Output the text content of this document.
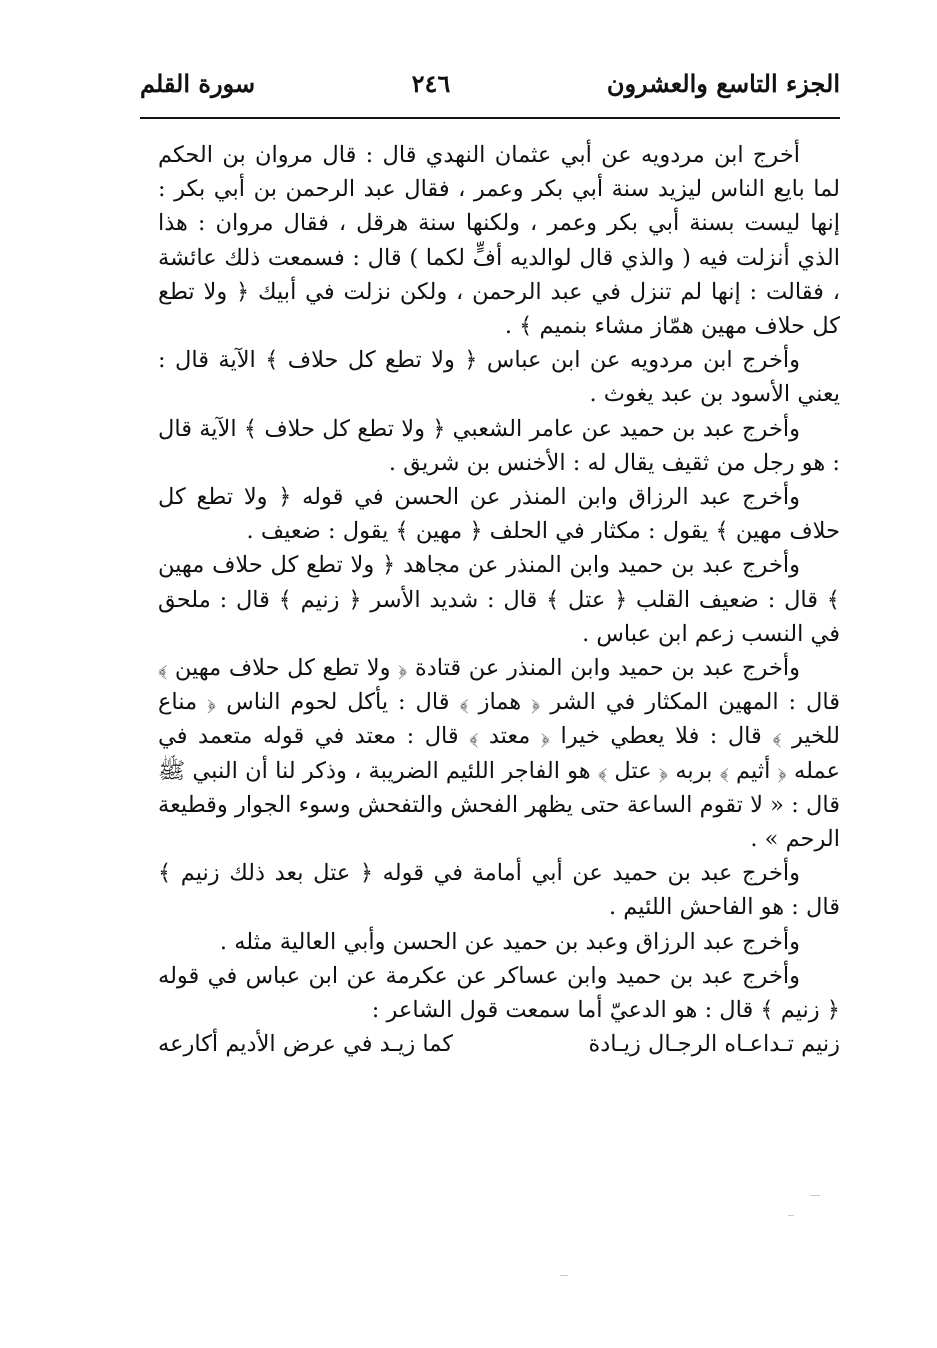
الجزء التاسع والعشرون
٢٤٦
سورة القلم

أخرج ابن مردويه عن أبي عثمان النهدي قال : قال مروان بن الحكم لما بايع الناس ليزيد سنة أبي بكر وعمر ، فقال عبد الرحمن بن أبي بكر : إنها ليست بسنة أبي بكر وعمر ، ولكنها سنة هرقل ، فقال مروان : هذا الذي أنزلت فيه ( والذي قال لوالديه أفٍّ لكما ) قال : فسمعت ذلك عائشة ، فقالت : إنها لم تنزل في عبد الرحمن ، ولكن نزلت في أبيك ﴿ ولا تطع كل حلاف مهين همّاز مشاء بنميم ﴾ .

وأخرج ابن مردويه عن ابن عباس ﴿ ولا تطع كل حلاف ﴾ الآية قال : يعني الأسود بن عبد يغوث .

وأخرج عبد بن حميد عن عامر الشعبي ﴿ ولا تطع كل حلاف ﴾ الآية قال : هو رجل من ثقيف يقال له : الأخنس بن شريق .

وأخرج عبد الرزاق وابن المنذر عن الحسن في قوله ﴿ ولا تطع كل حلاف مهين ﴾ يقول : مكثار في الحلف ﴿ مهين ﴾ يقول : ضعيف .

وأخرج عبد بن حميد وابن المنذر عن مجاهد ﴿ ولا تطع كل حلاف مهين ﴾ قال : ضعيف القلب ﴿ عتل ﴾ قال : شديد الأسر ﴿ زنيم ﴾ قال : ملحق في النسب زعم ابن عباس .

وأخرج عبد بن حميد وابن المنذر عن قتادة ﴿ ولا تطع كل حلاف مهين ﴾ قال : المهين المكثار في الشر ﴿ هماز ﴾ قال : يأكل لحوم الناس ﴿ مناع للخير ﴾ قال : فلا يعطي خيرا ﴿ معتد ﴾ قال : معتد في قوله متعمد في عمله ﴿ أثيم ﴾ بربه ﴿ عتل ﴾ هو الفاجر اللئيم الضريبة ، وذكر لنا أن النبي ﷺ قال : « لا تقوم الساعة حتى يظهر الفحش والتفحش وسوء الجوار وقطيعة الرحم » .

وأخرج عبد بن حميد عن أبي أمامة في قوله ﴿ عتل بعد ذلك زنيم ﴾ قال : هو الفاحش اللئيم .

وأخرج عبد الرزاق وعبد بن حميد عن الحسن وأبي العالية مثله .

وأخرج عبد بن حميد وابن عساكر عن عكرمة عن ابن عباس في قوله ﴿ زنيم ﴾ قال : هو الدعيّ أما سمعت قول الشاعر :

زنيم تـداعـاه الرجـال زيـادة
كما زيـد في عرض الأديم أكارعه
